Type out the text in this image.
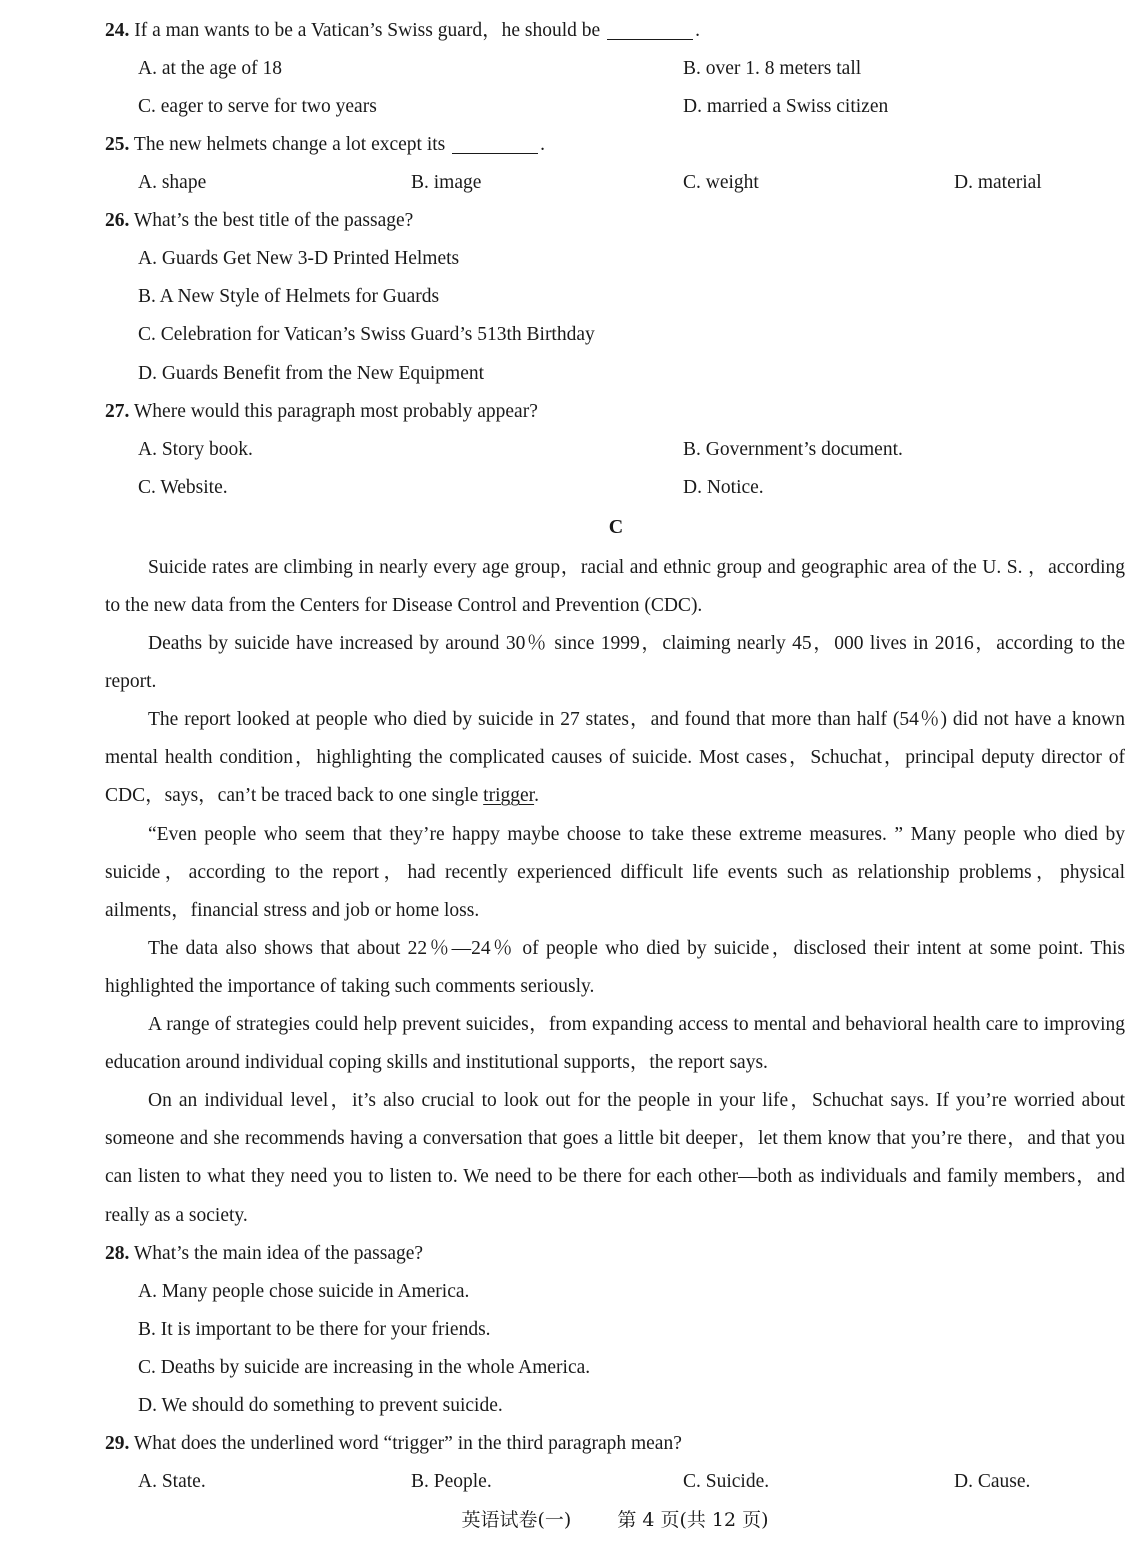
24. If a man wants to be a Vatican’s Swiss guard，he should be	.
A. at the age of 18	B. over 1. 8 meters tall
C. eager to serve for two years	D. married a Swiss citizen
25. The new helmets change a lot except its	.
A. shape	B. image	C. weight	D. material
26. What’s the best title of the passage?
A. Guards Get New 3-D Printed Helmets
B. A New Style of Helmets for Guards
C. Celebration for Vatican’s Swiss Guard’s 513th Birthday
D. Guards Benefit from the New Equipment
27. Where would this paragraph most probably appear?
A. Story book.	B. Government’s document.
C. Website.	D. Notice.
C
Suicide rates are climbing in nearly every age group，racial and ethnic group and geographic area of the U. S. ，according to the new data from the Centers for Disease Control and Prevention (CDC).
Deaths by suicide have increased by around 30％ since 1999，claiming nearly 45，000 lives in 2016，according to the report.
The report looked at people who died by suicide in 27 states，and found that more than half (54％) did not have a known mental health condition，highlighting the complicated causes of suicide. Most cases，Schuchat，principal deputy director of CDC，says，can’t be traced back to one single trigger.
“Even people who seem that they’re happy maybe choose to take these extreme measures. ” Many people who died by suicide，according to the report，had recently experienced difficult life events such as relationship problems，physical ailments，financial stress and job or home loss.
The data also shows that about 22％—24％ of people who died by suicide，disclosed their intent at some point. This highlighted the importance of taking such comments seriously.
A range of strategies could help prevent suicides，from expanding access to mental and behavioral health care to improving education around individual coping skills and institutional supports，the report says.
On an individual level，it’s also crucial to look out for the people in your life，Schuchat says. If you’re worried about someone and she recommends having a conversation that goes a little bit deeper，let them know that you’re there，and that you can listen to what they need you to listen to. We need to be there for each other—both as individuals and family members，and really as a society.
28. What’s the main idea of the passage?
A. Many people chose suicide in America.
B. It is important to be there for your friends.
C. Deaths by suicide are increasing in the whole America.
D. We should do something to prevent suicide.
29. What does the underlined word “trigger” in the third paragraph mean?
A. State.	B. People.	C. Suicide.	D. Cause.
英语试卷(一) 第 4 页(共 12 页)
